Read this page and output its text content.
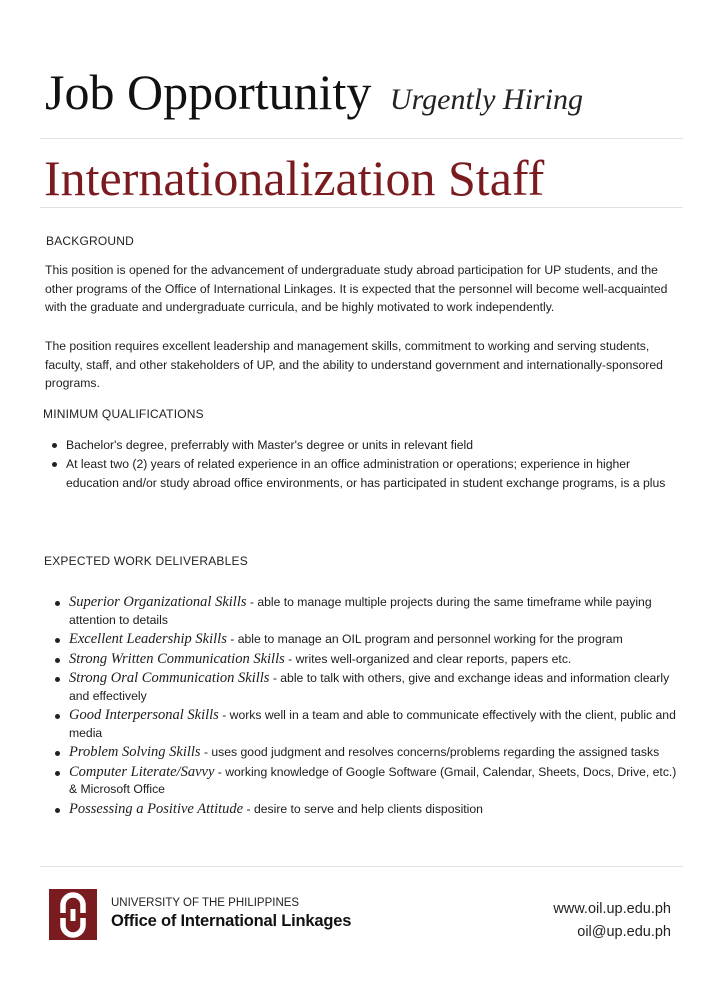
Job Opportunity Urgently Hiring
Internationalization Staff
BACKGROUND

This position is opened for the advancement of undergraduate study abroad participation for UP students, and the other programs of the Office of International Linkages. It is expected that the personnel will become well-acquainted with the graduate and undergraduate curricula, and be highly motivated to work independently.

The position requires excellent leadership and management skills, commitment to working and serving students, faculty, staff, and other stakeholders of UP, and the ability to understand government and internationally-sponsored programs.

MINIMUM QUALIFICATIONS
Bachelor's degree, preferrably with Master's degree or units in relevant field
At least two (2) years of related experience in an office administration or operations; experience in higher education and/or study abroad office environments, or has participated in student exchange programs, is a plus
EXPECTED WORK DELIVERABLES
Superior Organizational Skills - able to manage multiple projects during the same timeframe while paying attention to details
Excellent Leadership Skills - able to manage an OIL program and personnel working for the program
Strong Written Communication Skills - writes well-organized and clear reports, papers etc.
Strong Oral Communication Skills - able to talk with others, give and exchange ideas and information clearly and effectively
Good Interpersonal Skills - works well in a team and able to communicate effectively with the client, public and media
Problem Solving Skills - uses good judgment and resolves concerns/problems regarding the assigned tasks
Computer Literate/Savvy - working knowledge of Google Software (Gmail, Calendar, Sheets, Docs, Drive, etc.) & Microsoft Office
Possessing a Positive Attitude - desire to serve and help clients disposition
UNIVERSITY OF THE PHILIPPINES
Office of International Linkages
www.oil.up.edu.ph
oil@up.edu.ph
